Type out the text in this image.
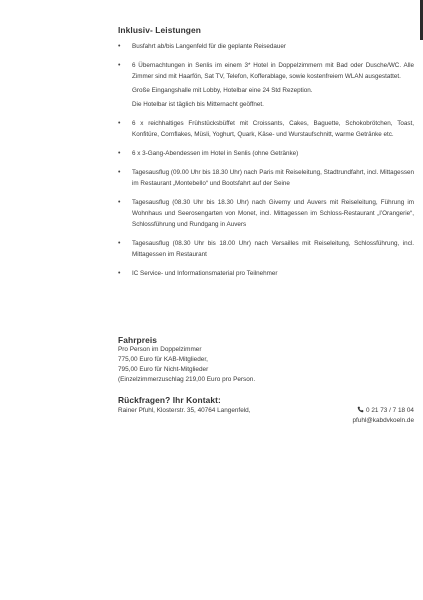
Inklusiv- Leistungen
• Busfahrt ab/bis Langenfeld für die geplante Reisedauer

• 6 Übernachtungen in Senlis im einem 3* Hotel in Doppelzimmern mit Bad oder Dusche/WC. Alle Zimmer sind mit Haarfön, Sat TV, Telefon, Kofferablage, sowie kostenfreiem WLAN ausgestattet.

Große Eingangshalle mit Lobby, Hotelbar eine 24 Std Rezeption.

Die Hotelbar ist täglich bis Mitternacht geöffnet.

• 6 x reichhaltiges Frühstücksbüffet mit Croissants, Cakes, Baguette, Schokobrötchen, Toast, Konfitüre, Cornflakes, Müsli, Yoghurt, Quark, Käse- und Wurstaufschnitt, warme Getränke etc.

• 6 x 3-Gang-Abendessen im Hotel in Senlis (ohne Getränke)

• Tagesausflug (09.00 Uhr bis 18.30 Uhr) nach Paris mit Reiseleitung, Stadtrundfahrt, incl. Mittagessen im Restaurant „Montebello“ und Bootsfahrt auf der Seine

• Tagesausflug (08.30 Uhr bis 18.30 Uhr) nach Giverny und Auvers mit Reiseleitung, Führung im Wohnhaus und Seerosengarten von Monet, incl. Mittagessen im Schloss-Restaurant „l’Orangerie“, Schlossführung und Rundgang in Auvers

• Tagesausflug (08.30 Uhr bis 18.00 Uhr) nach Versailles mit Reiseleitung, Schlossführung, incl. Mittagessen im Restaurant

• IC Service- und Informationsmaterial pro Teilnehmer

Fahrpreis
Pro Person im Doppelzimmer
775,00 Euro für KAB-Mitglieder,
795,00 Euro für Nicht-Mitglieder
(Einzelzimmerzuschlag 219,00 Euro pro Person.
Rückfragen? Ihr Kontakt:
Rainer Pfuhl, Klosterstr. 35, 40764 Langenfeld,	0 21 73 / 7 18 04
pfuhl@kabdvkoeln.de
